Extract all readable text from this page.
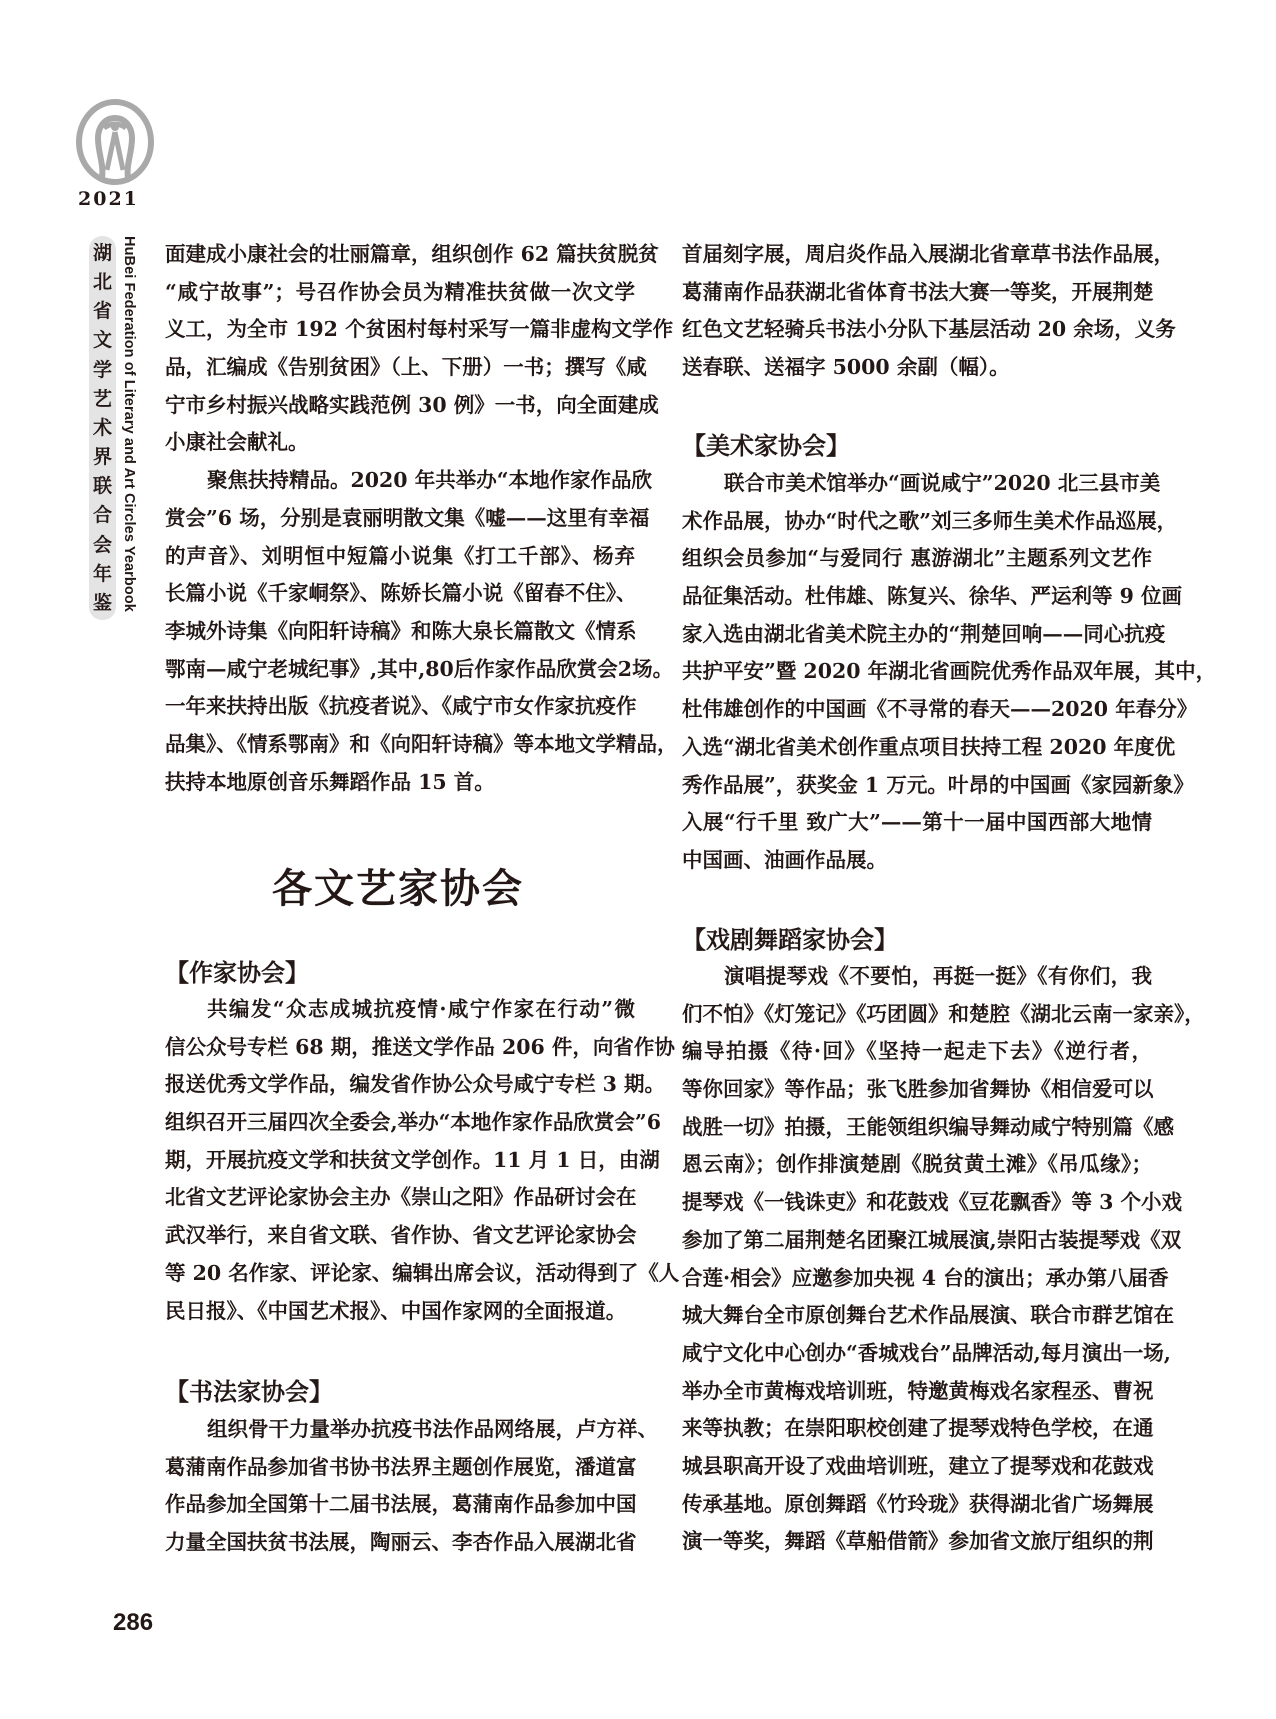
2021
湖
北
省
文
学
艺
术
界
联
合
会
年
鉴 HuBei Federation of Literary and Art Circles Yearbook 面建成小康社会的壮丽篇章，组织创作 62 篇扶贫脱贫
“咸宁故事”；号召作协会员为精准扶贫做一次文学
义工，为全市 192 个贫困村每村采写一篇非虚构文学作
品，汇编成《告别贫困》（上、下册）一书；撰写《咸
宁市乡村振兴战略实践范例 30 例》一书，向全面建成
小康社会献礼。
聚焦扶持精品。2020 年共举办“本地作家作品欣
赏会”6 场，分别是袁丽明散文集《嘘——这里有幸福
的声音》、刘明恒中短篇小说集《打工千部》、杨弃
长篇小说《千家峒祭》、陈娇长篇小说《留春不住》、
李城外诗集《向阳轩诗稿》和陈大泉长篇散文《情系
鄂南—咸宁老城纪事》,其中,80后作家作品欣赏会2场。
一年来扶持出版《抗疫者说》、《咸宁市女作家抗疫作
品集》、《情系鄂南》和《向阳轩诗稿》等本地文学精品，
扶持本地原创音乐舞蹈作品 15 首。
各文艺家协会
【作家协会】
共编发“众志成城抗疫情·咸宁作家在行动”微
信公众号专栏 68 期，推送文学作品 206 件，向省作协
报送优秀文学作品，编发省作协公众号咸宁专栏 3 期。
组织召开三届四次全委会,举办“本地作家作品欣赏会”6
期，开展抗疫文学和扶贫文学创作。11 月 1 日，由湖
北省文艺评论家协会主办《崇山之阳》作品研讨会在
武汉举行，来自省文联、省作协、省文艺评论家协会
等 20 名作家、评论家、编辑出席会议，活动得到了《人
民日报》、《中国艺术报》、中国作家网的全面报道。
【书法家协会】
组织骨干力量举办抗疫书法作品网络展，卢方祥、
葛蒲南作品参加省书协书法界主题创作展览，潘道富
作品参加全国第十二届书法展，葛蒲南作品参加中国
力量全国扶贫书法展，陶丽云、李杏作品入展湖北省
首届刻字展，周启炎作品入展湖北省章草书法作品展，
葛蒲南作品获湖北省体育书法大赛一等奖，开展荆楚
红色文艺轻骑兵书法小分队下基层活动 20 余场，义务
送春联、送福字 5000 余副（幅）。
【美术家协会】
联合市美术馆举办“画说咸宁”2020 北三县市美
术作品展，协办“时代之歌”刘三多师生美术作品巡展，
组织会员参加“与爱同行 惠游湖北”主题系列文艺作
品征集活动。杜伟雄、陈复兴、徐华、严运利等 9 位画
家入选由湖北省美术院主办的“荆楚回响——同心抗疫
共护平安”暨 2020 年湖北省画院优秀作品双年展，其中，
杜伟雄创作的中国画《不寻常的春天——2020 年春分》
入选“湖北省美术创作重点项目扶持工程 2020 年度优
秀作品展”，获奖金 1 万元。叶昂的中国画《家园新象》
入展“行千里 致广大”——第十一届中国西部大地情
中国画、油画作品展。
【戏剧舞蹈家协会】
演唱提琴戏《不要怕，再挺一挺》《有你们，我
们不怕》《灯笼记》《巧团圆》和楚腔《湖北云南一家亲》，
编导拍摄《待·回》《坚持一起走下去》《逆行者，
等你回家》等作品；张飞胜参加省舞协《相信爱可以
战胜一切》拍摄，王能领组织编导舞动咸宁特别篇《感
恩云南》；创作排演楚剧《脱贫黄土滩》《吊瓜缘》；
提琴戏《一钱诛吏》和花鼓戏《豆花飘香》等 3 个小戏
参加了第二届荆楚名团聚江城展演,崇阳古装提琴戏《双
合莲·相会》应邀参加央视 4 台的演出；承办第八届香
城大舞台全市原创舞台艺术作品展演、联合市群艺馆在
咸宁文化中心创办“香城戏台”品牌活动,每月演出一场,
举办全市黄梅戏培训班，特邀黄梅戏名家程丞、曹祝
来等执教；在崇阳职校创建了提琴戏特色学校，在通
城县职高开设了戏曲培训班，建立了提琴戏和花鼓戏
传承基地。原创舞蹈《竹玲珑》获得湖北省广场舞展
演一等奖，舞蹈《草船借箭》参加省文旅厅组织的荆
286
